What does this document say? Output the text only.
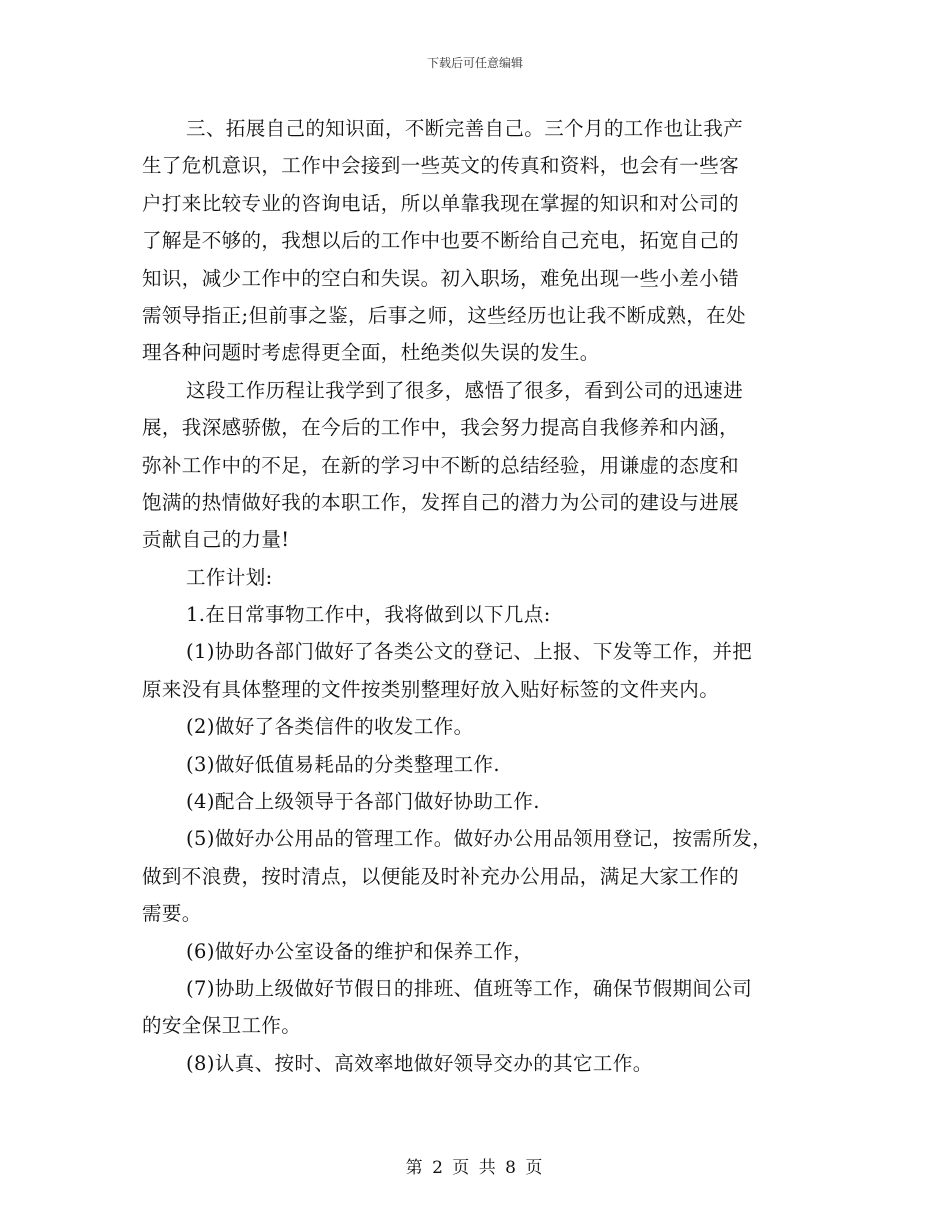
下载后可任意编辑
三、拓展自己的知识面，不断完善自己。三个月的工作也让我产
生了危机意识，工作中会接到一些英文的传真和资料，也会有一些客
户打来比较专业的咨询电话，所以单靠我现在掌握的知识和对公司的
了解是不够的，我想以后的工作中也要不断给自己充电，拓宽自己的
知识，减少工作中的空白和失误。初入职场，难免出现一些小差小错
需领导指正;但前事之鉴，后事之师，这些经历也让我不断成熟，在处
理各种问题时考虑得更全面，杜绝类似失误的发生。
这段工作历程让我学到了很多，感悟了很多，看到公司的迅速进
展，我深感骄傲，在今后的工作中，我会努力提高自我修养和内涵，
弥补工作中的不足，在新的学习中不断的总结经验，用谦虚的态度和
饱满的热情做好我的本职工作，发挥自己的潜力为公司的建设与进展
贡献自己的力量!
工作计划:
1.在日常事物工作中，我将做到以下几点:
(1)协助各部门做好了各类公文的登记、上报、下发等工作，并把
原来没有具体整理的文件按类别整理好放入贴好标签的文件夹内。
(2)做好了各类信件的收发工作。
(3)做好低值易耗品的分类整理工作.
(4)配合上级领导于各部门做好协助工作.
(5)做好办公用品的管理工作。做好办公用品领用登记，按需所发，
做到不浪费，按时清点，以便能及时补充办公用品，满足大家工作的
需要。
(6)做好办公室设备的维护和保养工作，
(7)协助上级做好节假日的排班、值班等工作，确保节假期间公司
的安全保卫工作。
(8)认真、按时、高效率地做好领导交办的其它工作。
第 2 页 共 8 页
